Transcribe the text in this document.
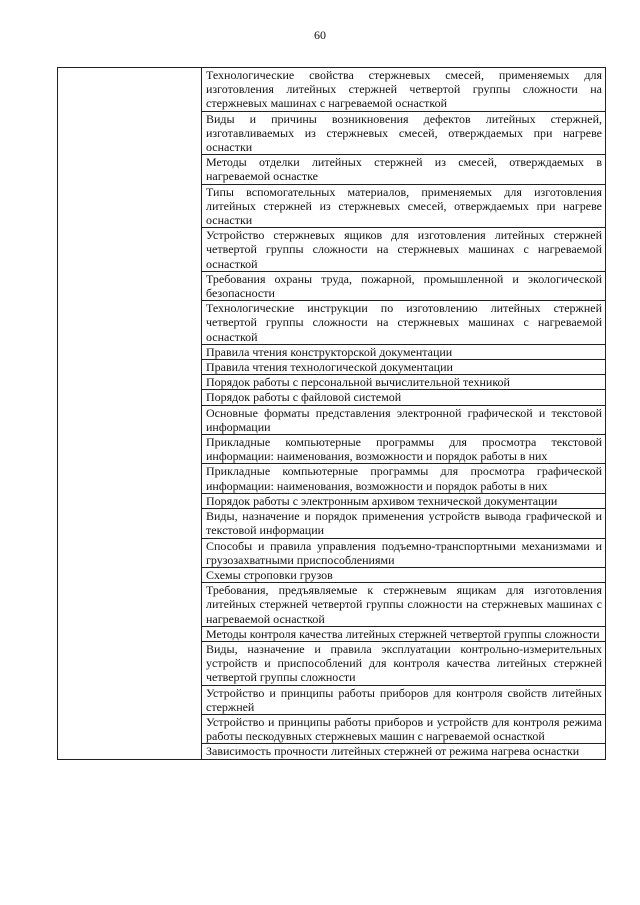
60
	Технологические свойства стержневых смесей, применяемых для изготовления литейных стержней четвертой группы сложности на стержневых машинах с нагреваемой оснасткой
Виды и причины возникновения дефектов литейных стержней, изготавливаемых из стержневых смесей, отверждаемых при нагреве оснастки
Методы отделки литейных стержней из смесей, отверждаемых в нагреваемой оснастке
Типы вспомогательных материалов, применяемых для изготовления литейных стержней из стержневых смесей, отверждаемых при нагреве оснастки
Устройство стержневых ящиков для изготовления литейных стержней четвертой группы сложности на стержневых машинах с нагреваемой оснасткой
Требования охраны труда, пожарной, промышленной и экологической безопасности
Технологические инструкции по изготовлению литейных стержней четвертой группы сложности на стержневых машинах с нагреваемой оснасткой
Правила чтения конструкторской документации
Правила чтения технологической документации
Порядок работы с персональной вычислительной техникой
Порядок работы с файловой системой
Основные форматы представления электронной графической и текстовой информации
Прикладные компьютерные программы для просмотра текстовой информации: наименования, возможности и порядок работы в них
Прикладные компьютерные программы для просмотра графической информации: наименования, возможности и порядок работы в них
Порядок работы с электронным архивом технической документации
Виды, назначение и порядок применения устройств вывода графической и текстовой информации
Способы и правила управления подъемно-транспортными механизмами и грузозахватными приспособлениями
Схемы строповки грузов
Требования, предъявляемые к стержневым ящикам для изготовления литейных стержней четвертой группы сложности на стержневых машинах с нагреваемой оснасткой
Методы контроля качества литейных стержней четвертой группы сложности
Виды, назначение и правила эксплуатации контрольно-измерительных устройств и приспособлений для контроля качества литейных стержней четвертой группы сложности
Устройство и принципы работы приборов для контроля свойств литейных стержней
Устройство и принципы работы приборов и устройств для контроля режима работы пескодувных стержневых машин с нагреваемой оснасткой
Зависимость прочности литейных стержней от режима нагрева оснастки
